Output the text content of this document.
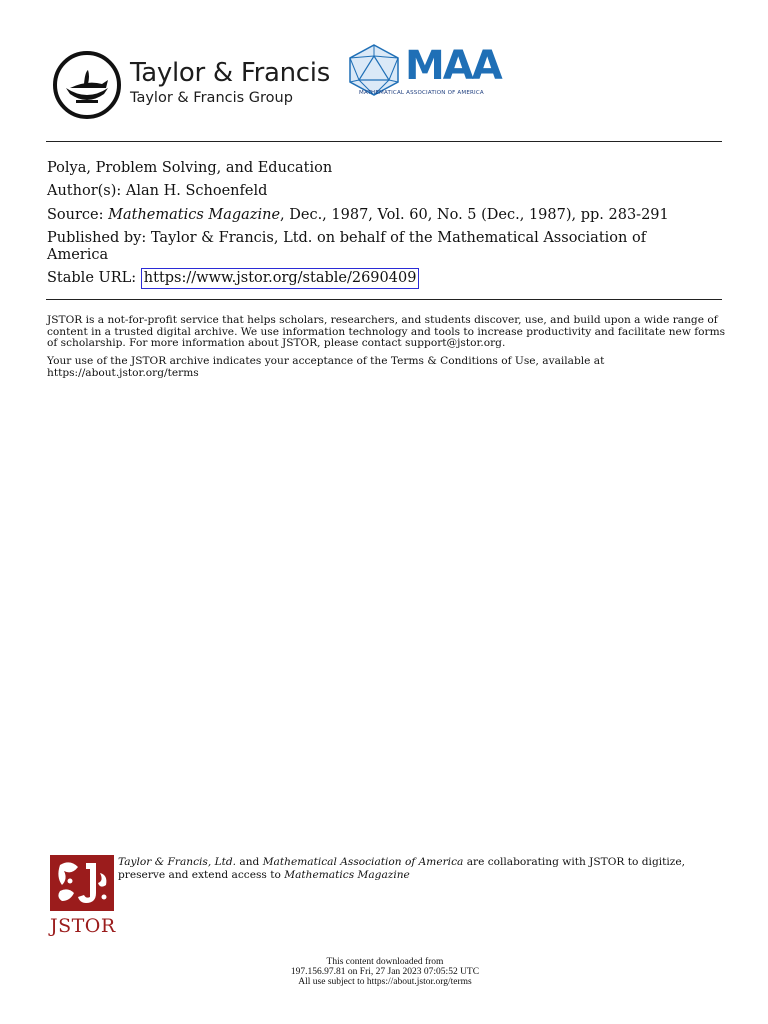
Taylor & Francis
Taylor & Francis Group
MAA
MATHEMATICAL ASSOCIATION OF AMERICA
Polya, Problem Solving, and Education
Author(s): Alan H. Schoenfeld
Source: Mathematics Magazine, Dec., 1987, Vol. 60, No. 5 (Dec., 1987), pp. 283-291
Published by: Taylor & Francis, Ltd. on behalf of the Mathematical Association of America
Stable URL: https://www.jstor.org/stable/2690409
JSTOR is a not-for-profit service that helps scholars, researchers, and students discover, use, and build upon a wide range of content in a trusted digital archive. We use information technology and tools to increase productivity and facilitate new forms of scholarship. For more information about JSTOR, please contact support@jstor.org.
Your use of the JSTOR archive indicates your acceptance of the Terms & Conditions of Use, available at https://about.jstor.org/terms
JSTOR
Taylor & Francis, Ltd. and Mathematical Association of America are collaborating with JSTOR to digitize, preserve and extend access to Mathematics Magazine
This content downloaded from
197.156.97.81 on Fri, 27 Jan 2023 07:05:52 UTC
All use subject to https://about.jstor.org/terms
